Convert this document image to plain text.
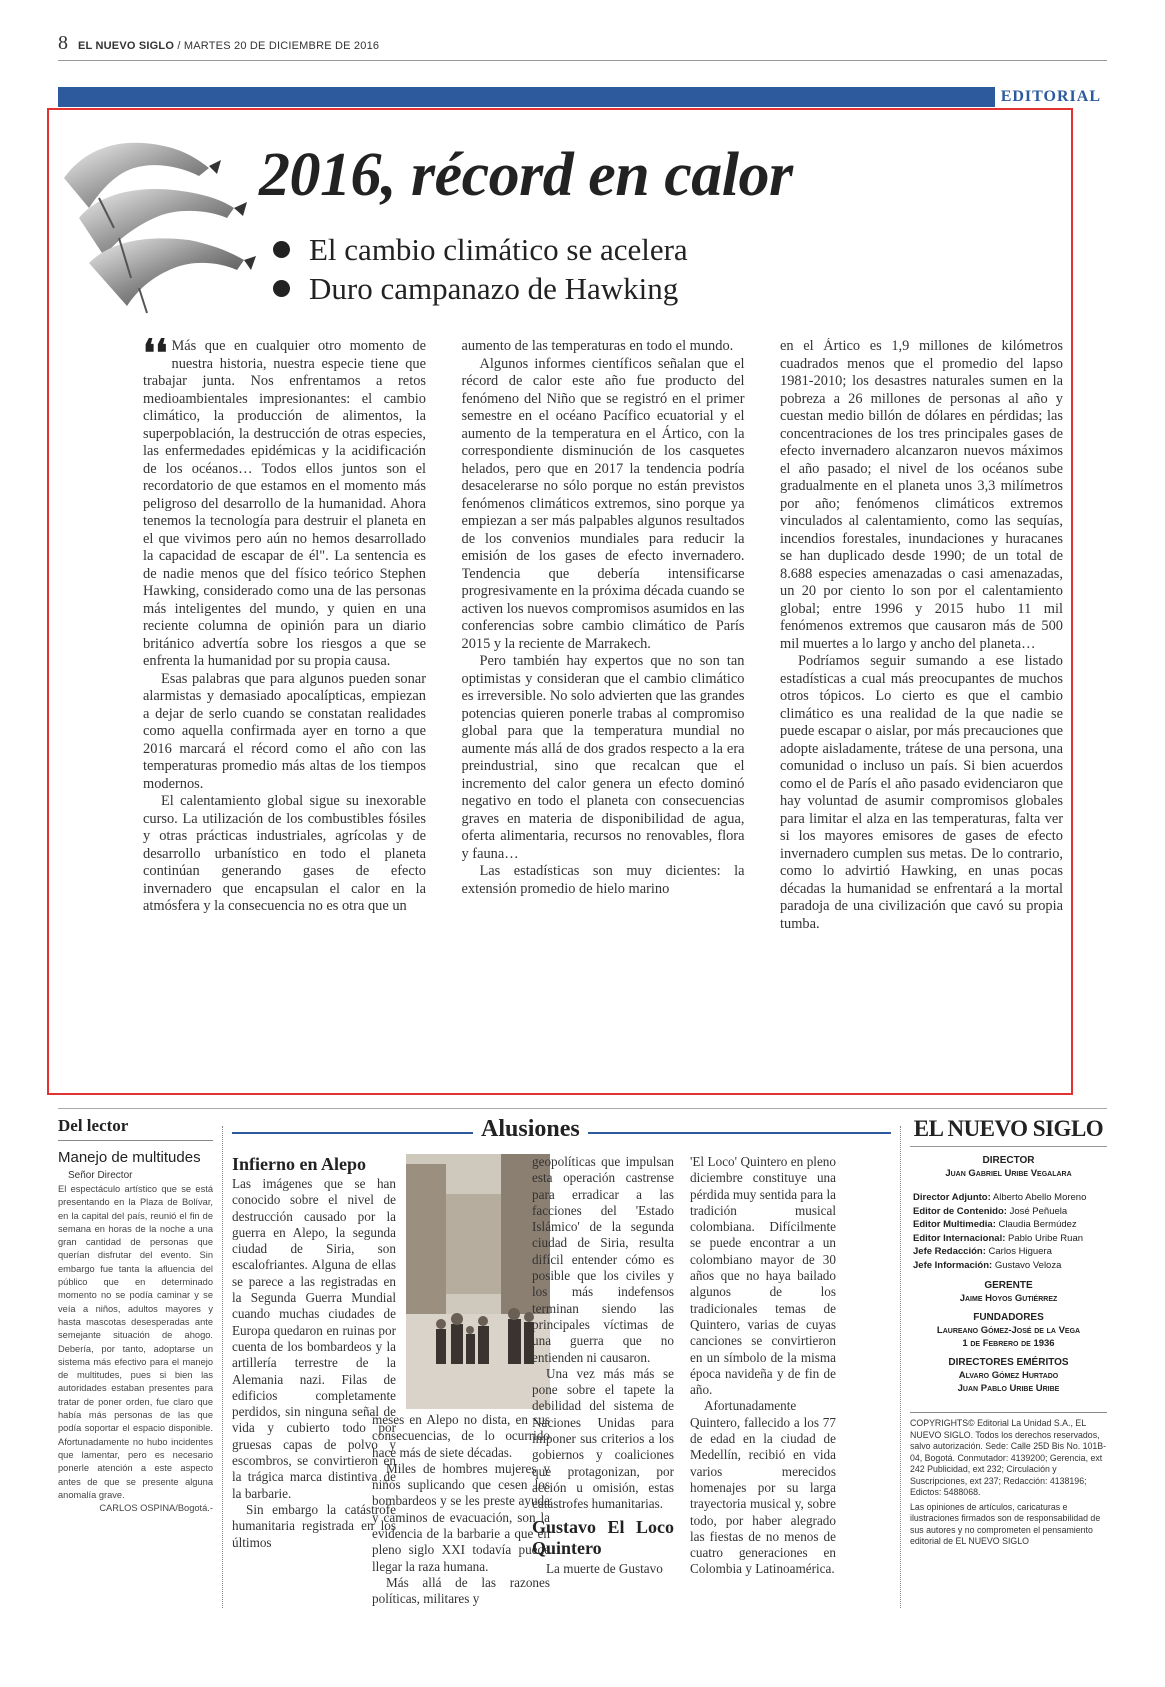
8 EL NUEVO SIGLO / MARTES 20 DE DICIEMBRE DE 2016
EDITORIAL
2016, récord en calor
El cambio climático se acelera
Duro campanazo de Hawking

❛❛ Más que en cualquier otro momento de nuestra historia, nuestra especie tiene que trabajar junta. Nos enfrentamos a retos medioambientales impresionantes: el cambio climático, la producción de alimentos, la superpoblación, la destrucción de otras especies, las enfermedades epidémicas y la acidificación de los océanos… Todos ellos juntos son el recordatorio de que estamos en el momento más peligroso del desarrollo de la humanidad. Ahora tenemos la tecnología para destruir el planeta en el que vivimos pero aún no hemos desarrollado la capacidad de escapar de él". La sentencia es de nadie menos que del físico teórico Stephen Hawking, considerado como una de las personas más inteligentes del mundo, y quien en una reciente columna de opinión para un diario británico advertía sobre los riesgos a que se enfrenta la humanidad por su propia causa.

Esas palabras que para algunos pueden sonar alarmistas y demasiado apocalípticas, empiezan a dejar de serlo cuando se constatan realidades como aquella confirmada ayer en torno a que 2016 marcará el récord como el año con las temperaturas promedio más altas de los tiempos modernos.

El calentamiento global sigue su inexorable curso. La utilización de los combustibles fósiles y otras prácticas industriales, agrícolas y de desarrollo urbanístico en todo el planeta continúan generando gases de efecto invernadero que encapsulan el calor en la atmósfera y la consecuencia no es otra que un

aumento de las temperaturas en todo el mundo.

Algunos informes científicos señalan que el récord de calor este año fue producto del fenómeno del Niño que se registró en el primer semestre en el océano Pacífico ecuatorial y el aumento de la temperatura en el Ártico, con la correspondiente disminución de los casquetes helados, pero que en 2017 la tendencia podría desacelerarse no sólo porque no están previstos fenómenos climáticos extremos, sino porque ya empiezan a ser más palpables algunos resultados de los convenios mundiales para reducir la emisión de los gases de efecto invernadero. Tendencia que debería intensificarse progresivamente en la próxima década cuando se activen los nuevos compromisos asumidos en las conferencias sobre cambio climático de París 2015 y la reciente de Marrakech.

Pero también hay expertos que no son tan optimistas y consideran que el cambio climático es irreversible. No solo advierten que las grandes potencias quieren ponerle trabas al compromiso global para que la temperatura mundial no aumente más allá de dos grados respecto a la era preindustrial, sino que recalcan que el incremento del calor genera un efecto dominó negativo en todo el planeta con consecuencias graves en materia de disponibilidad de agua, oferta alimentaria, recursos no renovables, flora y fauna…

Las estadísticas son muy dicientes: la extensión promedio de hielo marino

en el Ártico es 1,9 millones de kilómetros cuadrados menos que el promedio del lapso 1981-2010; los desastres naturales sumen en la pobreza a 26 millones de personas al año y cuestan medio billón de dólares en pérdidas; las concentraciones de los tres principales gases de efecto invernadero alcanzaron nuevos máximos el año pasado; el nivel de los océanos sube gradualmente en el planeta unos 3,3 milímetros por año; fenómenos climáticos extremos vinculados al calentamiento, como las sequías, incendios forestales, inundaciones y huracanes se han duplicado desde 1990; de un total de 8.688 especies amenazadas o casi amenazadas, un 20 por ciento lo son por el calentamiento global; entre 1996 y 2015 hubo 11 mil fenómenos extremos que causaron más de 500 mil muertes a lo largo y ancho del planeta…

Podríamos seguir sumando a ese listado estadísticas a cual más preocupantes de muchos otros tópicos. Lo cierto es que el cambio climático es una realidad de la que nadie se puede escapar o aislar, por más precauciones que adopte aisladamente, trátese de una persona, una comunidad o incluso un país. Si bien acuerdos como el de París el año pasado evidenciaron que hay voluntad de asumir compromisos globales para limitar el alza en las temperaturas, falta ver si los mayores emisores de gases de efecto invernadero cumplen sus metas. De lo contrario, como lo advirtió Hawking, en unas pocas décadas la humanidad se enfrentará a la mortal paradoja de una civilización que cavó su propia tumba.

Del lector
Manejo de multitudes
Señor Director
El espectáculo artístico que se está presentando en la Plaza de Bolívar, en la capital del país, reunió el fin de semana en horas de la noche a una gran cantidad de personas que querían disfrutar del evento. Sin embargo fue tanta la afluencia del público que en determinado momento no se podía caminar y se veía a niños, adultos mayores y hasta mascotas desesperadas ante semejante situación de ahogo. Debería, por tanto, adoptarse un sistema más efectivo para el manejo de multitudes, pues si bien las autoridades estaban presentes para tratar de poner orden, fue claro que había más personas de las que podía soportar el espacio disponible. Afortunadamente no hubo incidentes que lamentar, pero es necesario ponerle atención a este aspecto antes de que se presente alguna anomalía grave.
CARLOS OSPINA/Bogotá.-
Alusiones
Infierno en Alepo

Las imágenes que se han conocido sobre el nivel de destrucción causado por la guerra en Alepo, la segunda ciudad de Siria, son escalofriantes. Alguna de ellas se parece a las registradas en la Segunda Guerra Mundial cuando muchas ciudades de Europa quedaron en ruinas por cuenta de los bombardeos y la artillería terrestre de la Alemania nazi. Filas de edificios completamente perdidos, sin ninguna señal de vida y cubierto todo por gruesas capas de polvo y escombros, se convirtieron en la trágica marca distintiva de la barbarie.

Sin embargo la catástrofe humanitaria registrada en los últimos

meses en Alepo no dista, en sus consecuencias, de lo ocurrido hace más de siete décadas.

Miles de hombres mujeres y niños suplicando que cesen los bombardeos y se les preste ayuda y caminos de evacuación, son la evidencia de la barbarie a que en pleno siglo XXI todavía puede llegar la raza humana.

Más allá de las razones políticas, militares y

geopolíticas que impulsan esta operación castrense para erradicar a las facciones del 'Estado Islámico' de la segunda ciudad de Siria, resulta difícil entender cómo es posible que los civiles y los más indefensos terminan siendo las principales víctimas de una guerra que no entienden ni causaron.

Una vez más más se pone sobre el tapete la debilidad del sistema de Naciones Unidas para imponer sus criterios a los gobiernos y coaliciones que protagonizan, por acción u omisión, estas catástrofes humanitarias.

Gustavo El Loco Quintero

La muerte de Gustavo

'El Loco' Quintero en pleno diciembre constituye una pérdida muy sentida para la tradición musical colombiana. Difícilmente se puede encontrar a un colombiano mayor de 30 años que no haya bailado algunos de los tradicionales temas de Quintero, varias de cuyas canciones se convirtieron en un símbolo de la misma época navideña y de fin de año.

Afortunadamente Quintero, fallecido a los 77 de edad en la ciudad de Medellín, recibió en vida varios merecidos homenajes por su larga trayectoria musical y, sobre todo, por haber alegrado las fiestas de no menos de cuatro generaciones en Colombia y Latinoamérica.

EL NUEVO SIGLO
DIRECTOR
Juan Gabriel Uribe Vegalara
Director Adjunto: Alberto Abello Moreno
Editor de Contenido: José Peñuela
Editor Multimedia: Claudia Bermúdez
Editor Internacional: Pablo Uribe Ruan
Jefe Redacción: Carlos Higuera
Jefe Información: Gustavo Veloza
GERENTE
Jaime Hoyos Gutiérrez
FUNDADORES
Laureano Gómez-José de la Vega
1 de Febrero de 1936
DIRECTORES EMÉRITOS
Alvaro Gómez Hurtado
Juan Pablo Uribe Uribe
COPYRIGHTS© Editorial La Unidad S.A., EL NUEVO SIGLO. Todos los derechos reservados, salvo autorización. Sede: Calle 25D Bis No. 101B-04, Bogotá. Conmutador: 4139200; Gerencia, ext 242 Publicidad, ext 232; Circulación y Suscripciones, ext 237; Redacción: 4138196; Edictos: 5488068.
Las opiniones de artículos, caricaturas e ilustraciones firmados son de responsabilidad de sus autores y no comprometen el pensamiento editorial de EL NUEVO SIGLO
